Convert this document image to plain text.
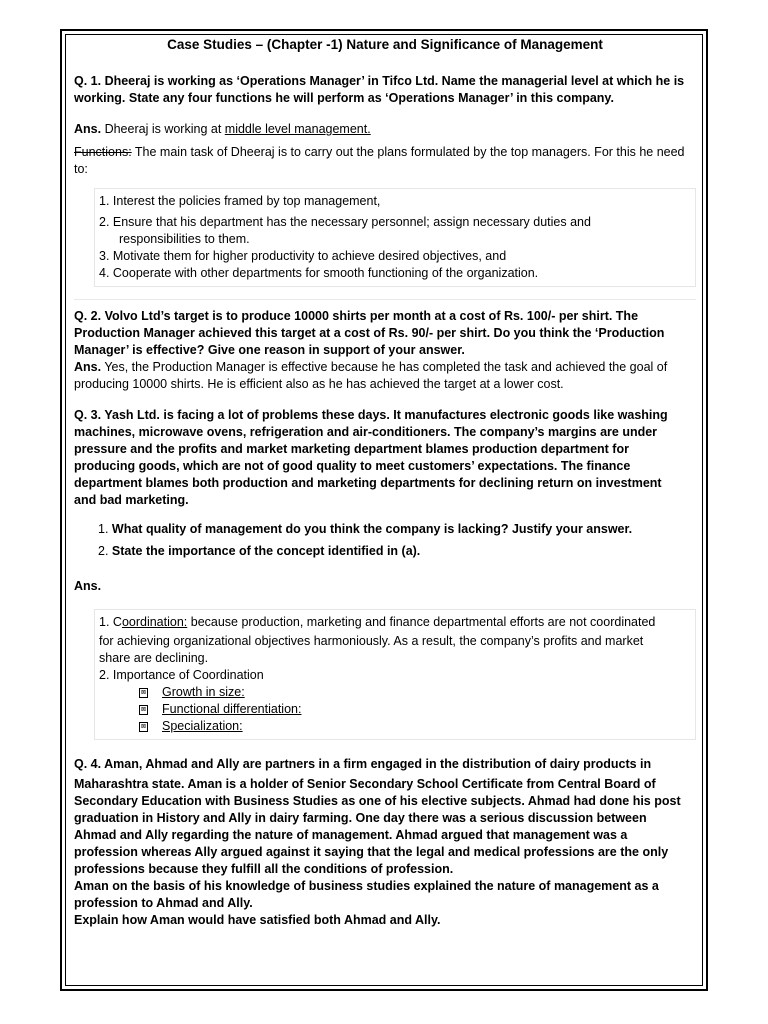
Case Studies – (Chapter -1) Nature and Significance of Management
Q. 1. Dheeraj is working as ‘Operations Manager’ in Tifco Ltd. Name the managerial level at which he is
working. State any four functions he will perform as ‘Operations Manager’ in this company.
Ans. Dheeraj is working at middle level management.
Functions: The main task of Dheeraj is to carry out the plans formulated by the top managers. For this he need to:
1. Interest the policies framed by top management,
2. Ensure that his department has the necessary personnel; assign necessary duties and
responsibilities to them.
3. Motivate them for higher productivity to achieve desired objectives, and
4. Cooperate with other departments for smooth functioning of the organization.
Q. 2. Volvo Ltd’s target is to produce 10000 shirts per month at a cost of Rs. 100/- per shirt. The
Production Manager achieved this target at a cost of Rs. 90/- per shirt. Do you think the ‘Production
Manager’ is effective? Give one reason in support of your answer.
Ans. Yes, the Production Manager is effective because he has completed the task and achieved the goal of producing 10000 shirts. He is efficient also as he has achieved the target at a lower cost.
Q. 3. Yash Ltd. is facing a lot of problems these days. It manufactures electronic goods like washing
machines, microwave ovens, refrigeration and air-conditioners. The company’s margins are under
pressure and the profits and market marketing department blames production department for
producing goods, which are not of good quality to meet customers’ expectations. The finance
department blames both production and marketing departments for declining return on investment
and bad marketing.
1. What quality of management do you think the company is lacking? Justify your answer.
2. State the importance of the concept identified in (a).
Ans.
1. Coordination: because production, marketing and finance departmental efforts are not coordinated
for achieving organizational objectives harmoniously. As a result, the company’s profits and market
share are declining.
2. Importance of Coordination
⊠ Growth in size:
⊠ Functional differentiation:
⊠ Specialization:
Q. 4. Aman, Ahmad and Ally are partners in a firm engaged in the distribution of dairy products in
Maharashtra state. Aman is a holder of Senior Secondary School Certificate from Central Board of
Secondary Education with Business Studies as one of his elective subjects. Ahmad had done his post
graduation in History and Ally in dairy farming. One day there was a serious discussion between
Ahmad and Ally regarding the nature of management. Ahmad argued that management was a
profession whereas Ally argued against it saying that the legal and medical professions are the only
professions because they fulfill all the conditions of profession.
Aman on the basis of his knowledge of business studies explained the nature of management as a
profession to Ahmad and Ally.
Explain how Aman would have satisfied both Ahmad and Ally.
